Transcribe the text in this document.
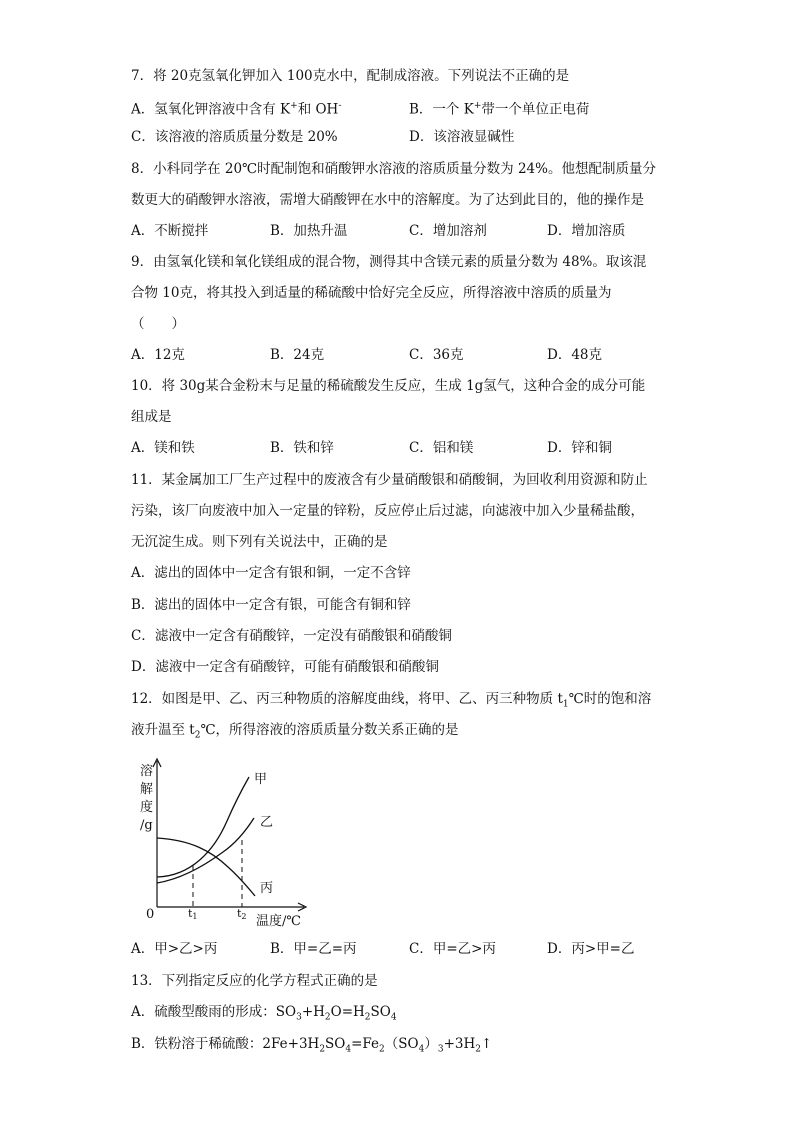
7．将 20克氢氧化钾加入 100克水中，配制成溶液。下列说法不正确的是
A．氢氧化钾溶液中含有 K+和 OH-	B．一个 K+带一个单位正电荷
C．该溶液的溶质质量分数是 20%	D．该溶液显碱性
8．小科同学在 20℃时配制饱和硝酸钾水溶液的溶质质量分数为 24%。他想配制质量分
数更大的硝酸钾水溶液，需增大硝酸钾在水中的溶解度。为了达到此目的，他的操作是
A．不断搅拌	B．加热升温	C．增加溶剂	D．增加溶质
9．由氢氧化镁和氧化镁组成的混合物，测得其中含镁元素的质量分数为 48%。取该混
合物 10克，将其投入到适量的稀硫酸中恰好完全反应，所得溶液中溶质的质量为
（　　）
A．12克	B．24克	C．36克	D．48克
10．将 30g某合金粉末与足量的稀硫酸发生反应，生成 1g氢气，这种合金的成分可能
组成是
A．镁和铁	B．铁和锌	C．铝和镁	D．锌和铜
11．某金属加工厂生产过程中的废液含有少量硝酸银和硝酸铜，为回收利用资源和防止
污染，该厂向废液中加入一定量的锌粉，反应停止后过滤，向滤液中加入少量稀盐酸，
无沉淀生成。则下列有关说法中，正确的是
A．滤出的固体中一定含有银和铜，一定不含锌
B．滤出的固体中一定含有银，可能含有铜和锌
C．滤液中一定含有硝酸锌，一定没有硝酸银和硝酸铜
D．滤液中一定含有硝酸锌，可能有硝酸银和硝酸铜
12．如图是甲、乙、丙三种物质的溶解度曲线，将甲、乙、丙三种物质 $t_1℃$时的饱和溶
液升温至 $t_2℃$，所得溶液的溶质质量分数关系正确的是
溶
解
度
/g
甲
乙
丙
0	温度/℃
t1	t2
A．甲>乙>丙	B．甲=乙=丙	C．甲=乙>丙	D．丙>甲=乙
13．下列指定反应的化学方程式正确的是
A．硫酸型酸雨的形成：$SO_3+H_2O=H_2SO_4$
B．铁粉溶于稀硫酸：$2Fe+3H_2SO_4=Fe_2(SO_4)_3+3H_2↑$
